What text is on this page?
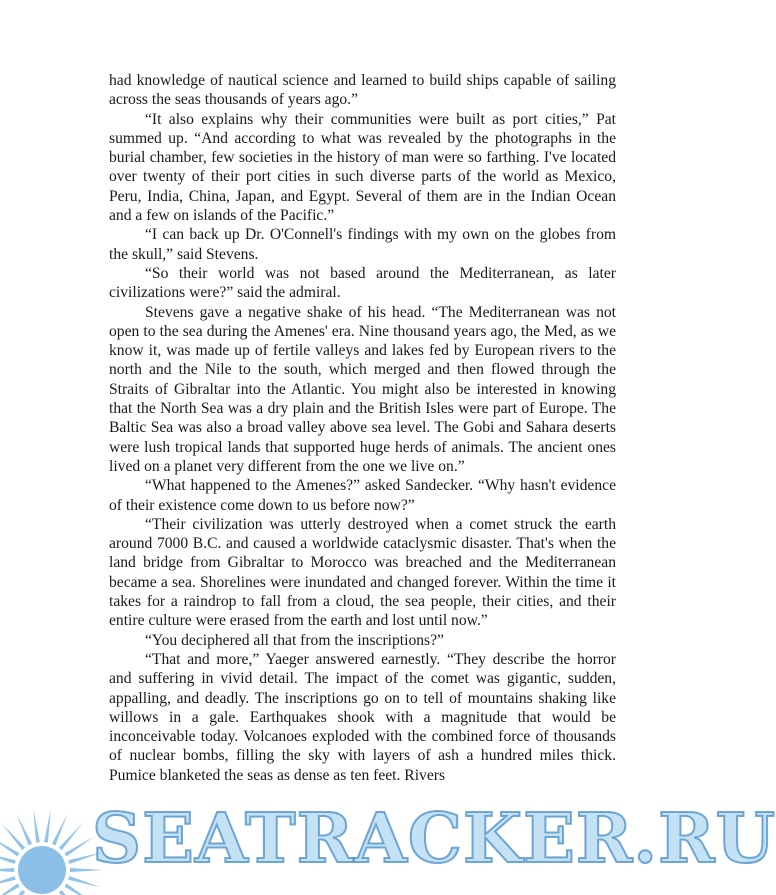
had knowledge of nautical science and learned to build ships capable of sailing across the seas thousands of years ago.”

“It also explains why their communities were built as port cities,” Pat summed up. “And according to what was revealed by the photographs in the burial chamber, few societies in the history of man were so farthing. I've located over twenty of their port cities in such diverse parts of the world as Mexico, Peru, India, China, Japan, and Egypt. Several of them are in the Indian Ocean and a few on islands of the Pacific.”

“I can back up Dr. O'Connell's findings with my own on the globes from the skull,” said Stevens.

“So their world was not based around the Mediterranean, as later civilizations were?” said the admiral.

Stevens gave a negative shake of his head. “The Mediterranean was not open to the sea during the Amenes' era. Nine thousand years ago, the Med, as we know it, was made up of fertile valleys and lakes fed by European rivers to the north and the Nile to the south, which merged and then flowed through the Straits of Gibraltar into the Atlantic. You might also be interested in knowing that the North Sea was a dry plain and the British Isles were part of Europe. The Baltic Sea was also a broad valley above sea level. The Gobi and Sahara deserts were lush tropical lands that supported huge herds of animals. The ancient ones lived on a planet very different from the one we live on.”

“What happened to the Amenes?” asked Sandecker. “Why hasn't evidence of their existence come down to us before now?”

“Their civilization was utterly destroyed when a comet struck the earth around 7000 B.C. and caused a worldwide cataclysmic disaster. That's when the land bridge from Gibraltar to Morocco was breached and the Mediterranean became a sea. Shorelines were inundated and changed forever. Within the time it takes for a raindrop to fall from a cloud, the sea people, their cities, and their entire culture were erased from the earth and lost until now.”

“You deciphered all that from the inscriptions?”

“That and more,” Yaeger answered earnestly. “They describe the horror and suffering in vivid detail. The impact of the comet was gigantic, sudden, appalling, and deadly. The inscriptions go on to tell of mountains shaking like willows in a gale. Earthquakes shook with a magnitude that would be inconceivable today. Volcanoes exploded with the combined force of thousands of nuclear bombs, filling the sky with layers of ash a hundred miles thick. Pumice blanketed the seas as dense as ten feet. Rivers

SEATRACKER.RU
